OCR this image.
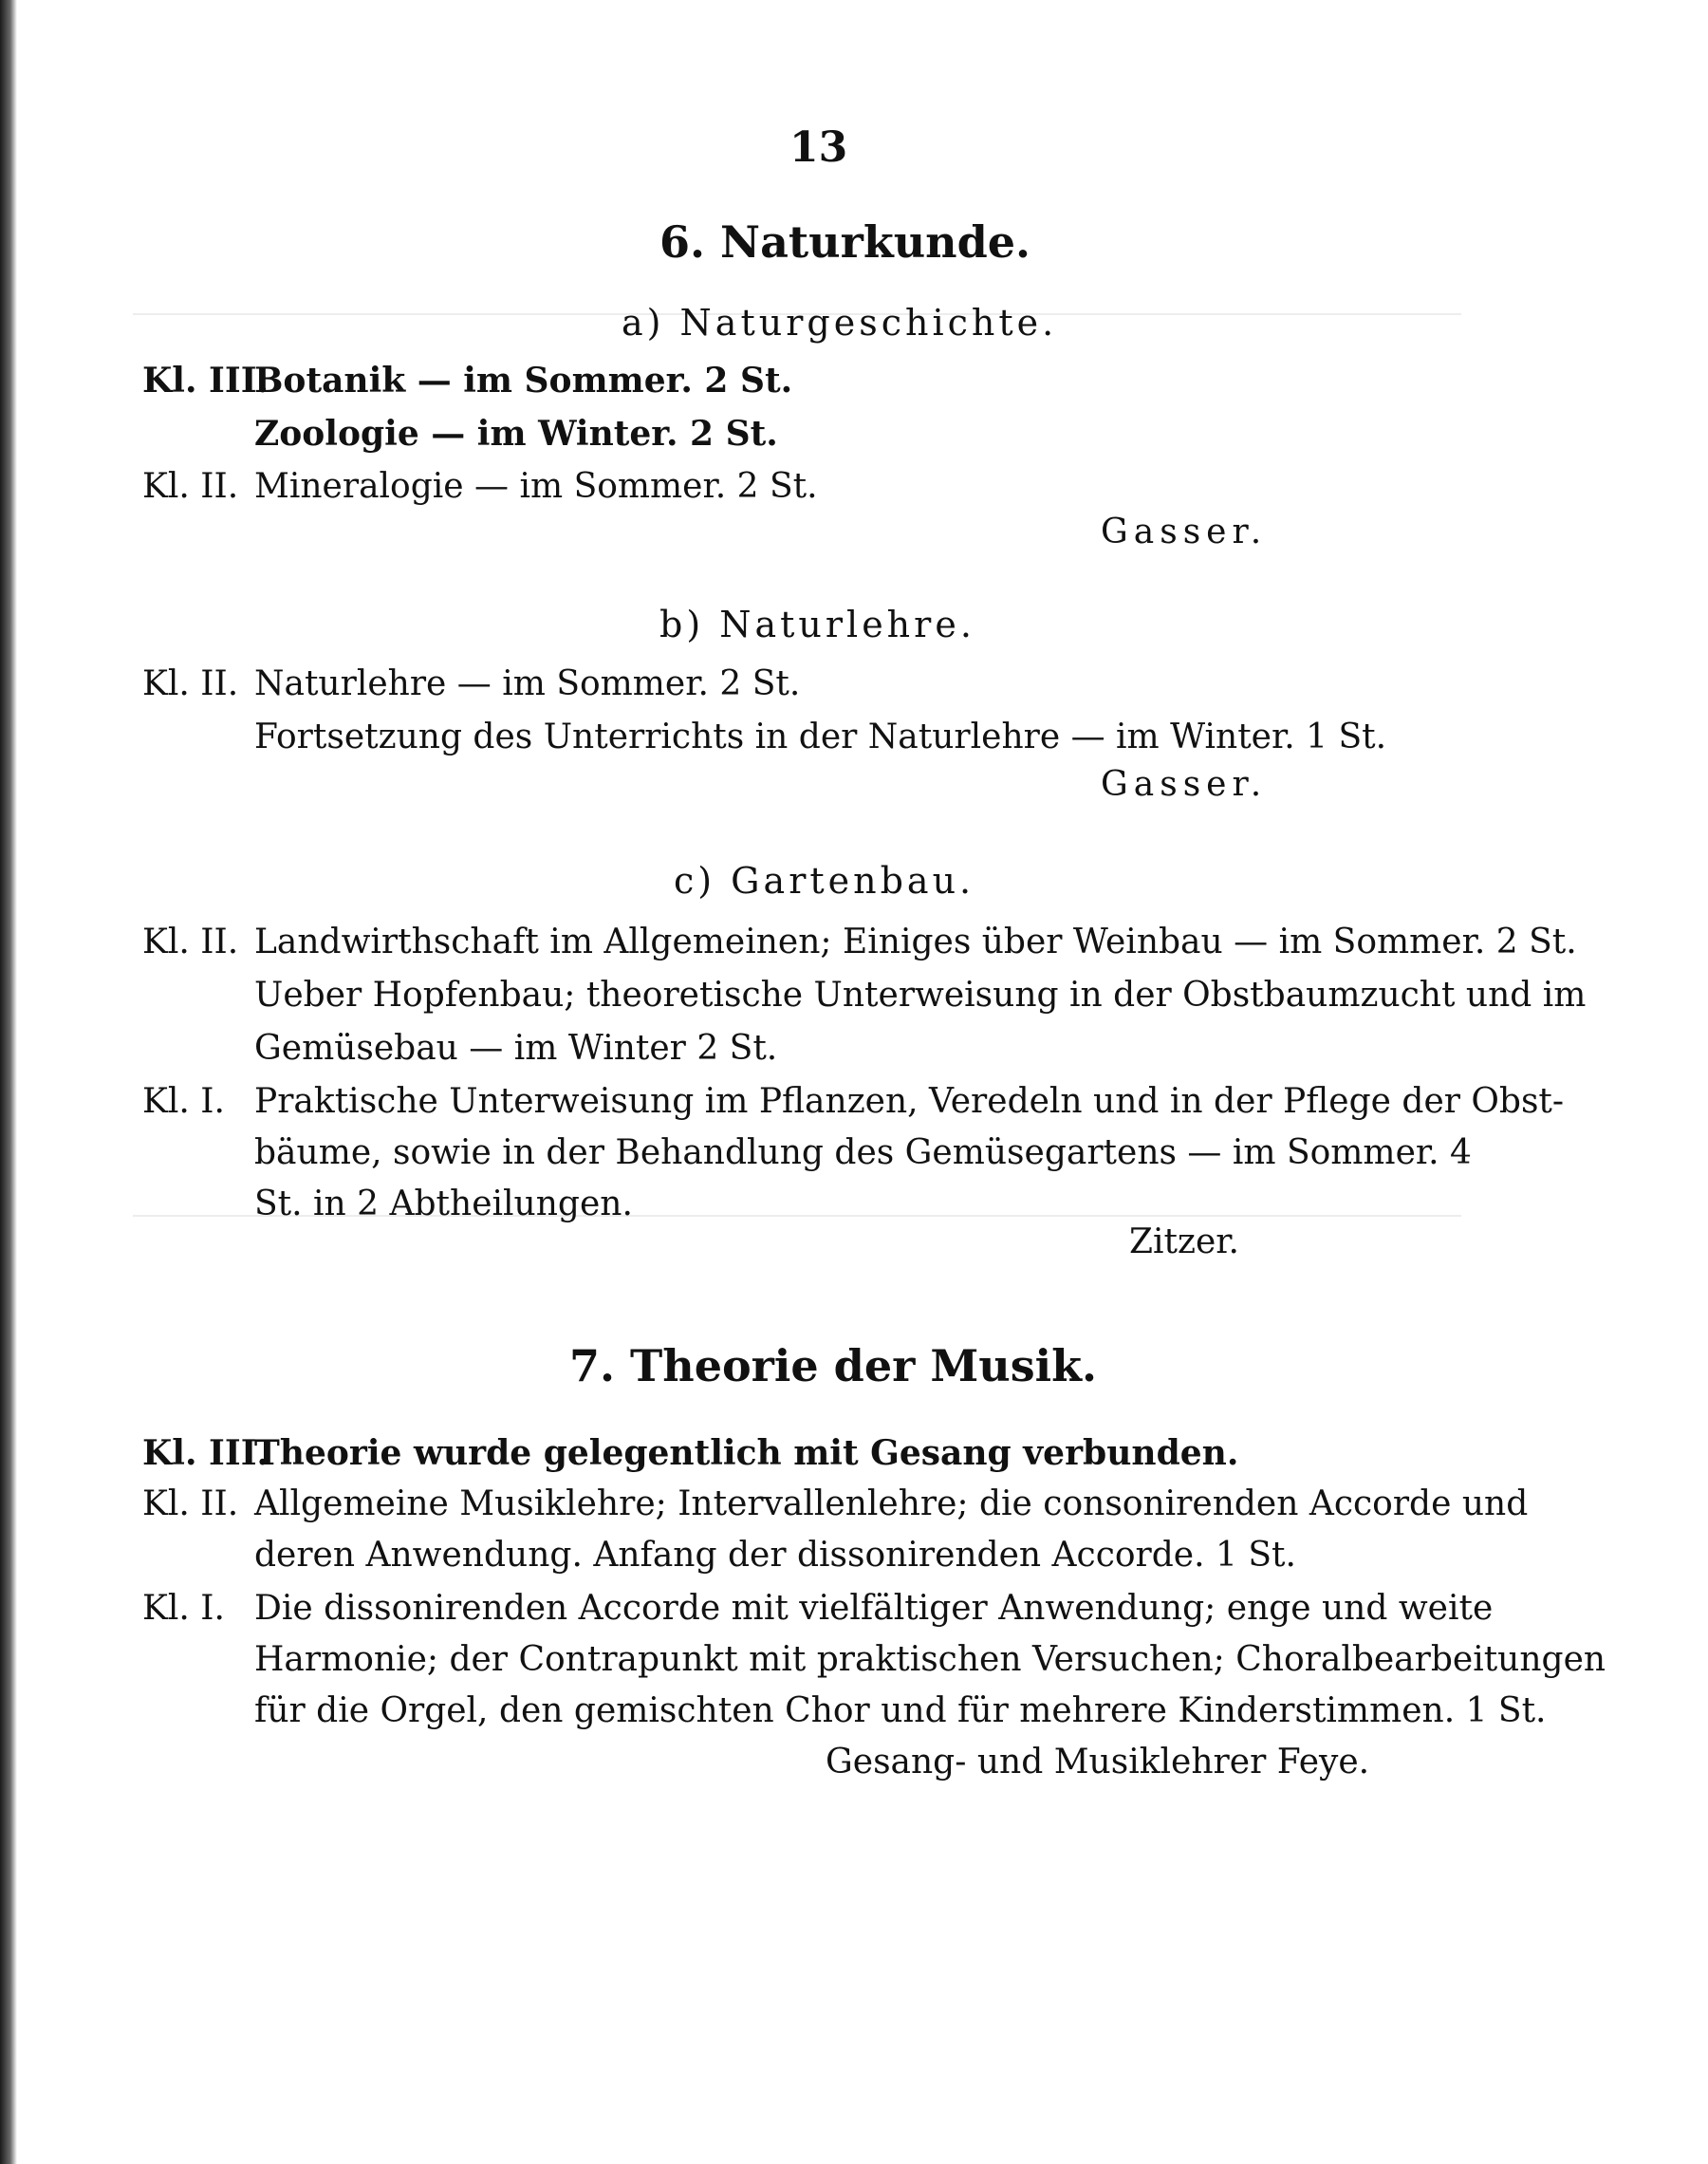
13
6. Naturkunde.
a) Naturgeschichte.
Kl. III.Botanik — im Sommer. 2 St.
Zoologie — im Winter. 2 St.
Kl. II. Mineralogie — im Sommer. 2 St.
Gasser.
b) Naturlehre.
Kl. II. Naturlehre — im Sommer. 2 St.
Fortsetzung des Unterrichts in der Naturlehre — im Winter. 1 St.
Gasser.
c) Gartenbau.
Kl. II. Landwirthschaft im Allgemeinen; Einiges über Weinbau — im Sommer. 2 St.
Ueber Hopfenbau; theoretische Unterweisung in der Obstbaumzucht und im
Gemüsebau — im Winter 2 St.
Kl. I. Praktische Unterweisung im Pflanzen, Veredeln und in der Pflege der Obst-
bäume, sowie in der Behandlung des Gemüsegartens — im Sommer. 4
St. in 2 Abtheilungen.
Zitzer.
7. Theorie der Musik.
Kl. III.Theorie wurde gelegentlich mit Gesang verbunden.
Kl. II. Allgemeine Musiklehre; Intervallenlehre; die consonirenden Accorde und
deren Anwendung. Anfang der dissonirenden Accorde. 1 St.
Kl. I. Die dissonirenden Accorde mit vielfältiger Anwendung; enge und weite
Harmonie; der Contrapunkt mit praktischen Versuchen; Choralbearbeitungen
für die Orgel, den gemischten Chor und für mehrere Kinderstimmen. 1 St.
Gesang- und Musiklehrer Feye.
